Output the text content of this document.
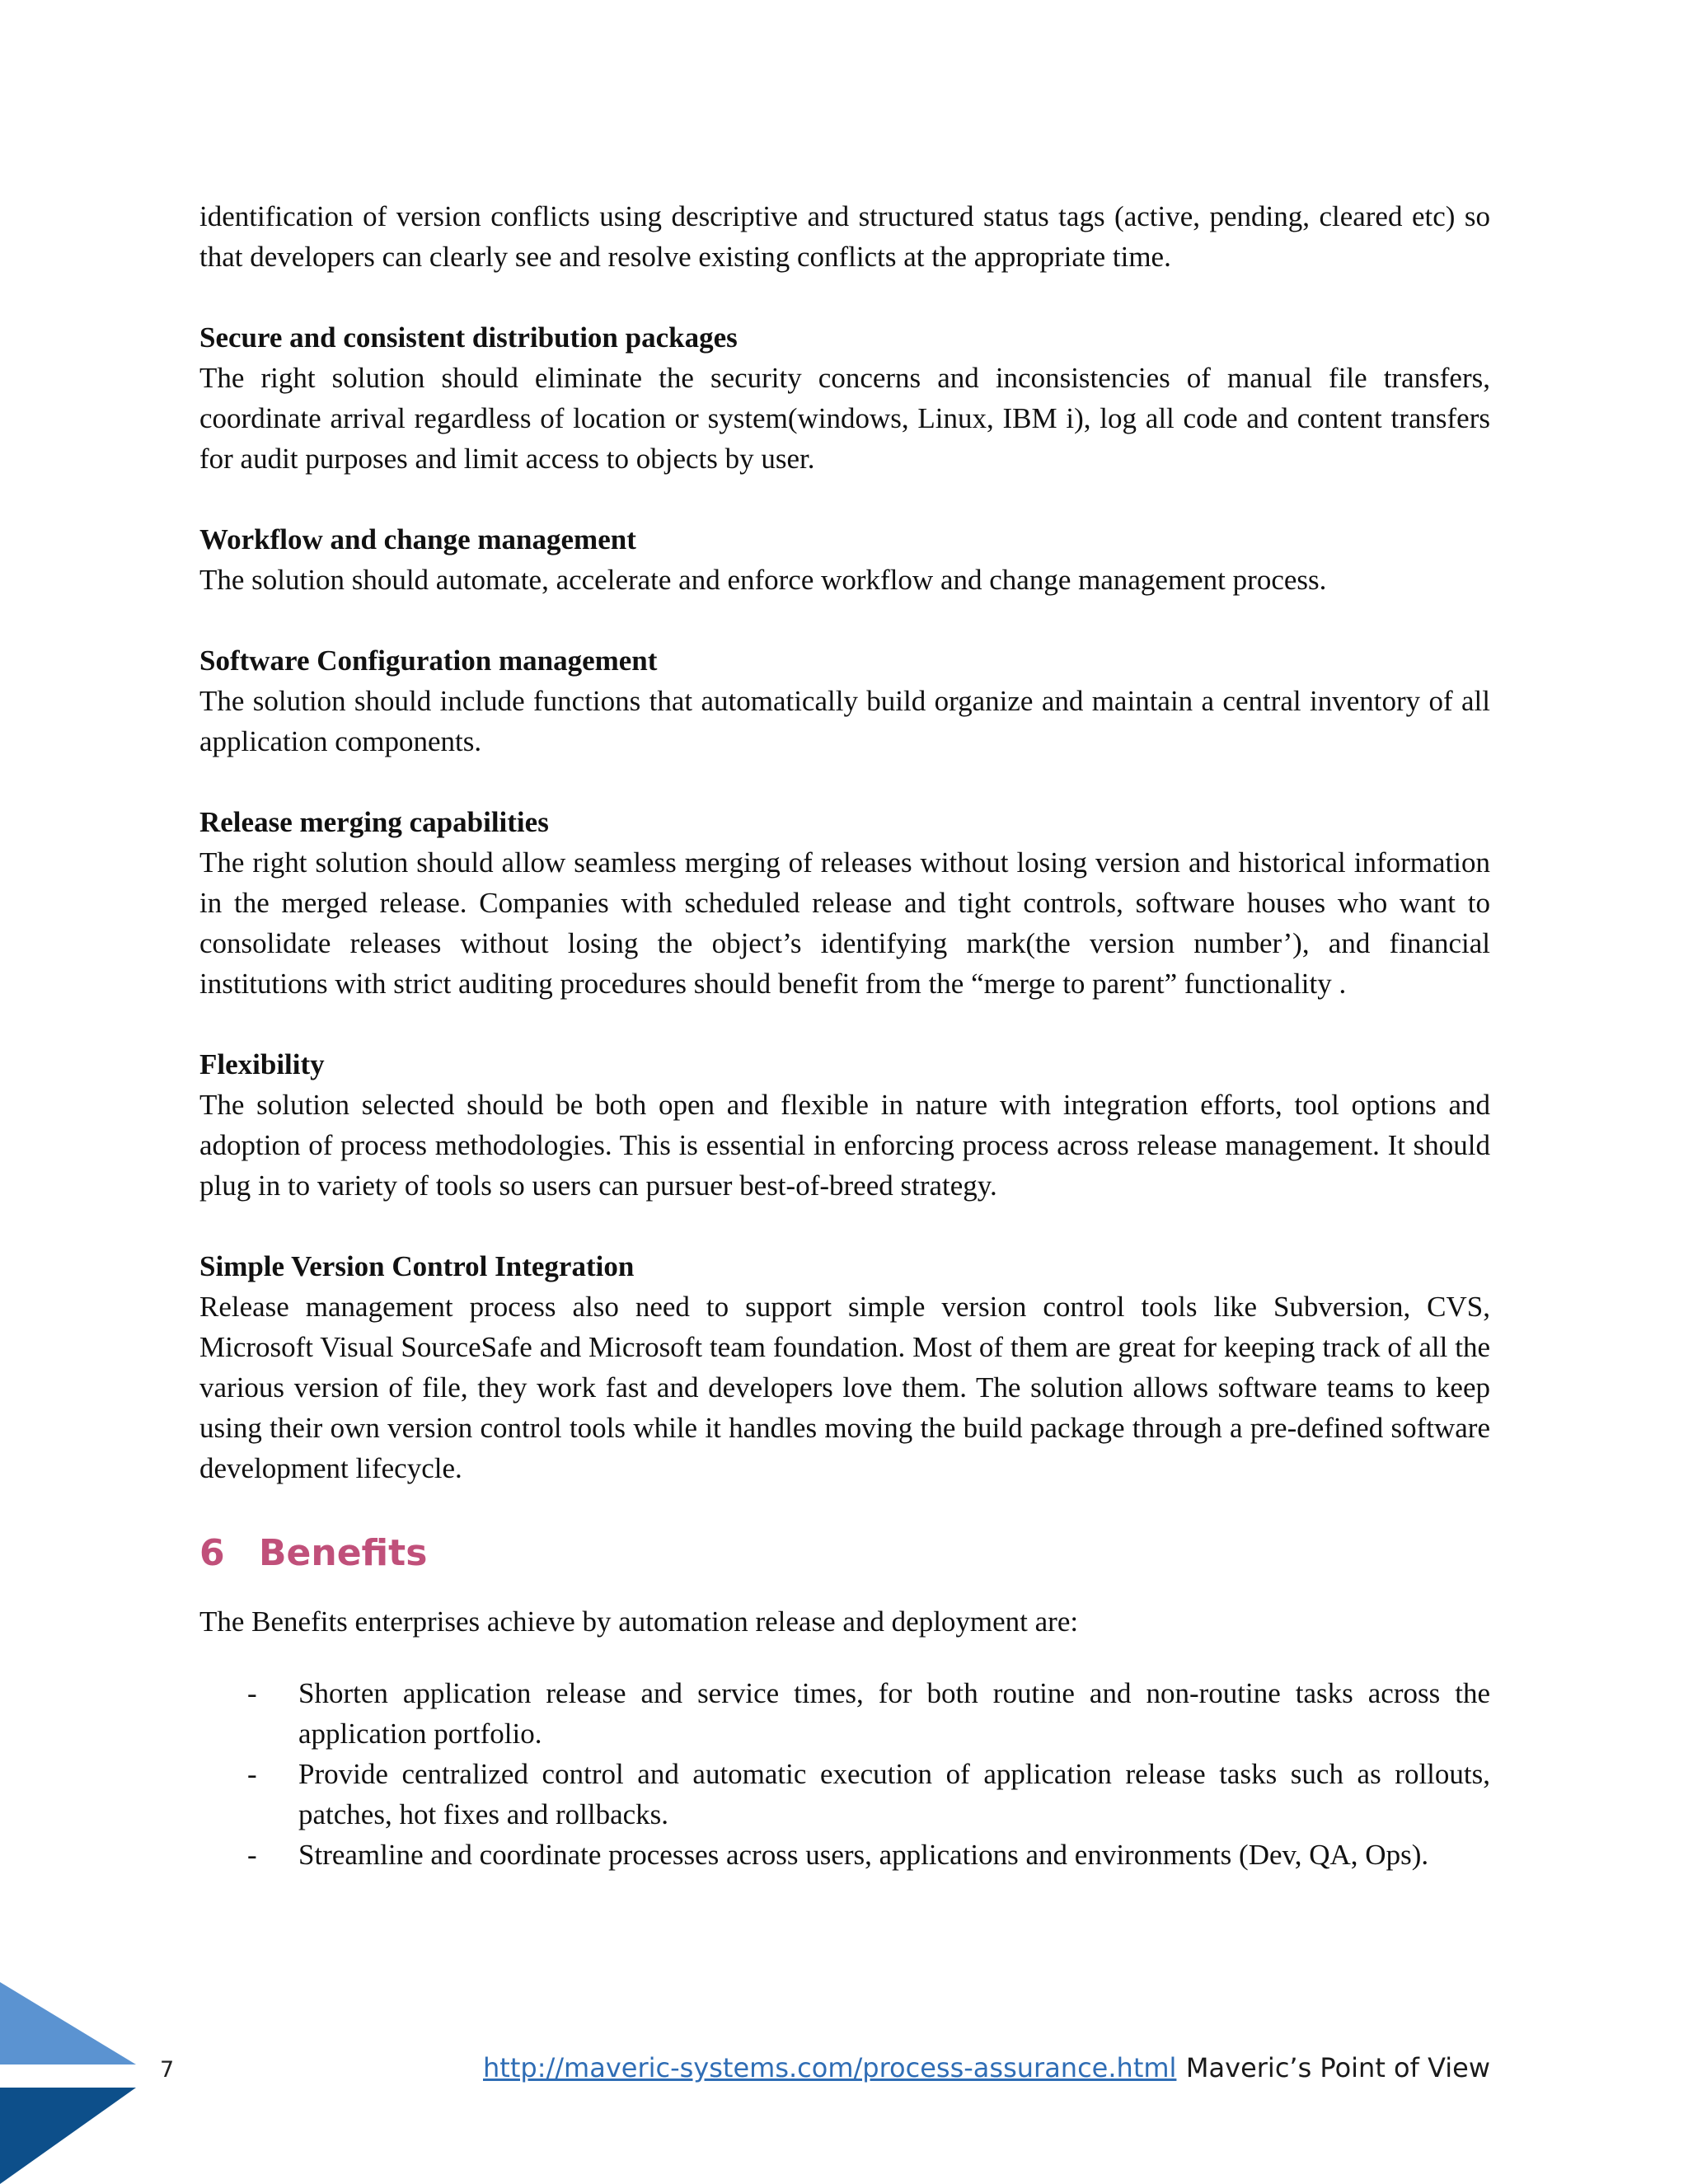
identification of version conflicts using descriptive and structured status tags (active, pending, cleared etc) so that developers can clearly see and resolve existing conflicts at the appropriate time.

Secure and consistent distribution packages

The right solution should eliminate the security concerns and inconsistencies of manual file transfers, coordinate arrival regardless of location or system(windows, Linux, IBM i), log all code and content transfers for audit purposes and limit access to objects by user.

Workflow and change management

The solution should automate, accelerate and enforce workflow and change management process.

Software Configuration management

The solution should include functions that automatically build organize and maintain a central inventory of all application components.

Release merging capabilities

The right solution should allow seamless merging of releases without losing version and historical information in the merged release. Companies with scheduled release and tight controls, software houses who want to consolidate releases without losing the object’s identifying mark(the version number’), and financial institutions with strict auditing procedures should benefit from the “merge to parent” functionality .

Flexibility

The solution selected should be both open and flexible in nature with integration efforts, tool options and adoption of process methodologies. This is essential in enforcing process across release management. It should plug in to variety of tools so users can pursuer best-of-breed strategy.

Simple Version Control Integration

Release management process also need to support simple version control tools like Subversion, CVS, Microsoft Visual SourceSafe and Microsoft team foundation. Most of them are great for keeping track of all the various version of file, they work fast and developers love them. The solution allows software teams to keep using their own version control tools while it handles moving the build package through a pre-defined software development lifecycle.

6 Benefits

The Benefits enterprises achieve by automation release and deployment are:

- Shorten application release and service times, for both routine and non-routine tasks across the application portfolio.
- Provide centralized control and automatic execution of application release tasks such as rollouts, patches, hot fixes and rollbacks.
- Streamline and coordinate processes across users, applications and environments (Dev, QA, Ops).
7	http://maveric-systems.com/process-assurance.html Maveric’s Point of View
